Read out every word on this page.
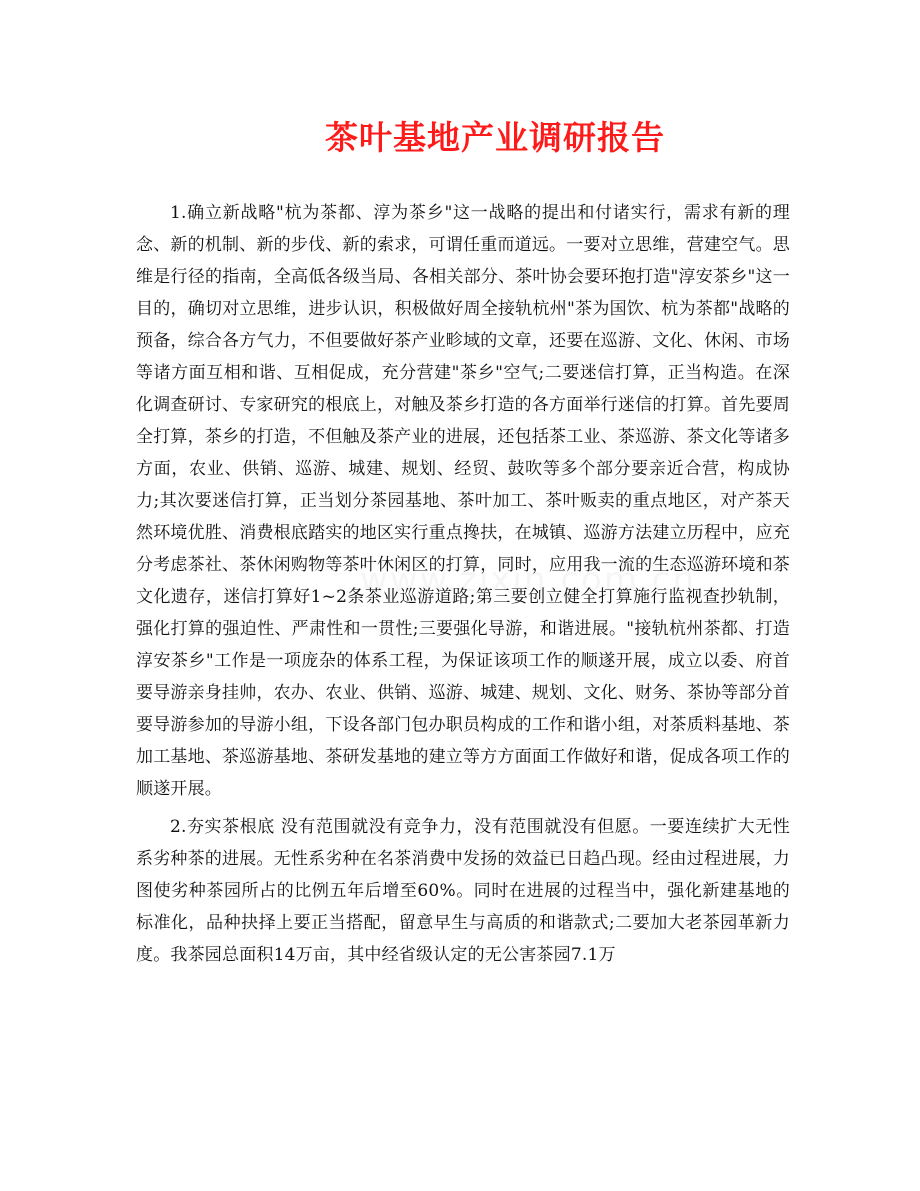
茶叶基地产业调研报告

1.确立新战略"杭为茶都、淳为茶乡"这一战略的提出和付诸实行，需求有新的理念、新的机制、新的步伐、新的索求，可谓任重而道远。一要对立思维，营建空气。思维是行径的指南，全高低各级当局、各相关部分、茶叶协会要环抱打造"淳安茶乡"这一目的，确切对立思维，进步认识，积极做好周全接轨杭州"茶为国饮、杭为茶都"战略的预备，综合各方气力，不但要做好茶产业畛域的文章，还要在巡游、文化、休闲、市场等诸方面互相和谐、互相促成，充分营建"茶乡"空气;二要迷信打算，正当构造。在深化调查研讨、专家研究的根底上，对触及茶乡打造的各方面举行迷信的打算。首先要周全打算，茶乡的打造，不但触及茶产业的进展，还包括茶工业、茶巡游、茶文化等诸多方面，农业、供销、巡游、城建、规划、经贸、鼓吹等多个部分要亲近合营，构成协力;其次要迷信打算，正当划分茶园基地、茶叶加工、茶叶贩卖的重点地区，对产茶天然环境优胜、消费根底踏实的地区实行重点搀扶，在城镇、巡游方法建立历程中，应充分考虑茶社、茶休闲购物等茶叶休闲区的打算，同时，应用我一流的生态巡游环境和茶文化遗存，迷信打算好1~2条茶业巡游道路;第三要创立健全打算施行监视查抄轨制，强化打算的强迫性、严肃性和一贯性;三要强化导游，和谐进展。"接轨杭州茶都、打造淳安茶乡"工作是一项庞杂的体系工程，为保证该项工作的顺遂开展，成立以委、府首要导游亲身挂帅，农办、农业、供销、巡游、城建、规划、文化、财务、茶协等部分首要导游参加的导游小组，下设各部门包办职员构成的工作和谐小组，对茶质料基地、茶加工基地、茶巡游基地、茶研发基地的建立等方方面面工作做好和谐，促成各项工作的顺遂开展。

2.夯实茶根底 没有范围就没有竞争力，没有范围就没有但愿。一要连续扩大无性系劣种茶的进展。无性系劣种在名茶消费中发扬的效益已日趋凸现。经由过程进展，力图使劣种茶园所占的比例五年后增至60%。同时在进展的过程当中，强化新建基地的标准化，品种抉择上要正当搭配，留意早生与高质的和谐款式;二要加大老茶园革新力度。我茶园总面积14万亩，其中经省级认定的无公害茶园7.1万
